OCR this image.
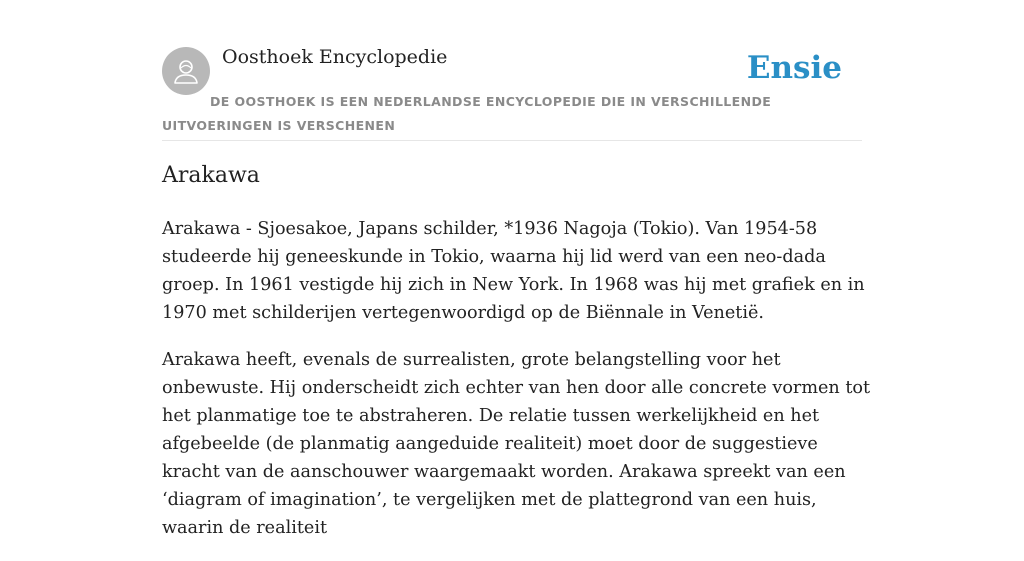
Oosthoek Encyclopedie	Ensie
DE OOSTHOEK IS EEN NEDERLANDSE ENCYCLOPEDIE DIE IN VERSCHILLENDE UITVOERINGEN IS VERSCHENEN
Arakawa

Arakawa - Sjoesakoe, Japans schilder, *1936 Nagoja (Tokio). Van 1954-58 studeerde hij geneeskunde in Tokio, waarna hij lid werd van een neo-dada groep. In 1961 vestigde hij zich in New York. In 1968 was hij met grafiek en in 1970 met schilderijen vertegenwoordigd op de Biënnale in Venetië.

Arakawa heeft, evenals de surrealisten, grote belangstelling voor het onbewuste. Hij onderscheidt zich echter van hen door alle concrete vormen tot het planmatige toe te abstraheren. De relatie tussen werkelijkheid en het afgebeelde (de planmatig aangeduide realiteit) moet door de suggestieve kracht van de aanschouwer waargemaakt worden. Arakawa spreekt van een ‘diagram of imagination’, te vergelijken met de plattegrond van een huis, waarin de realiteit
